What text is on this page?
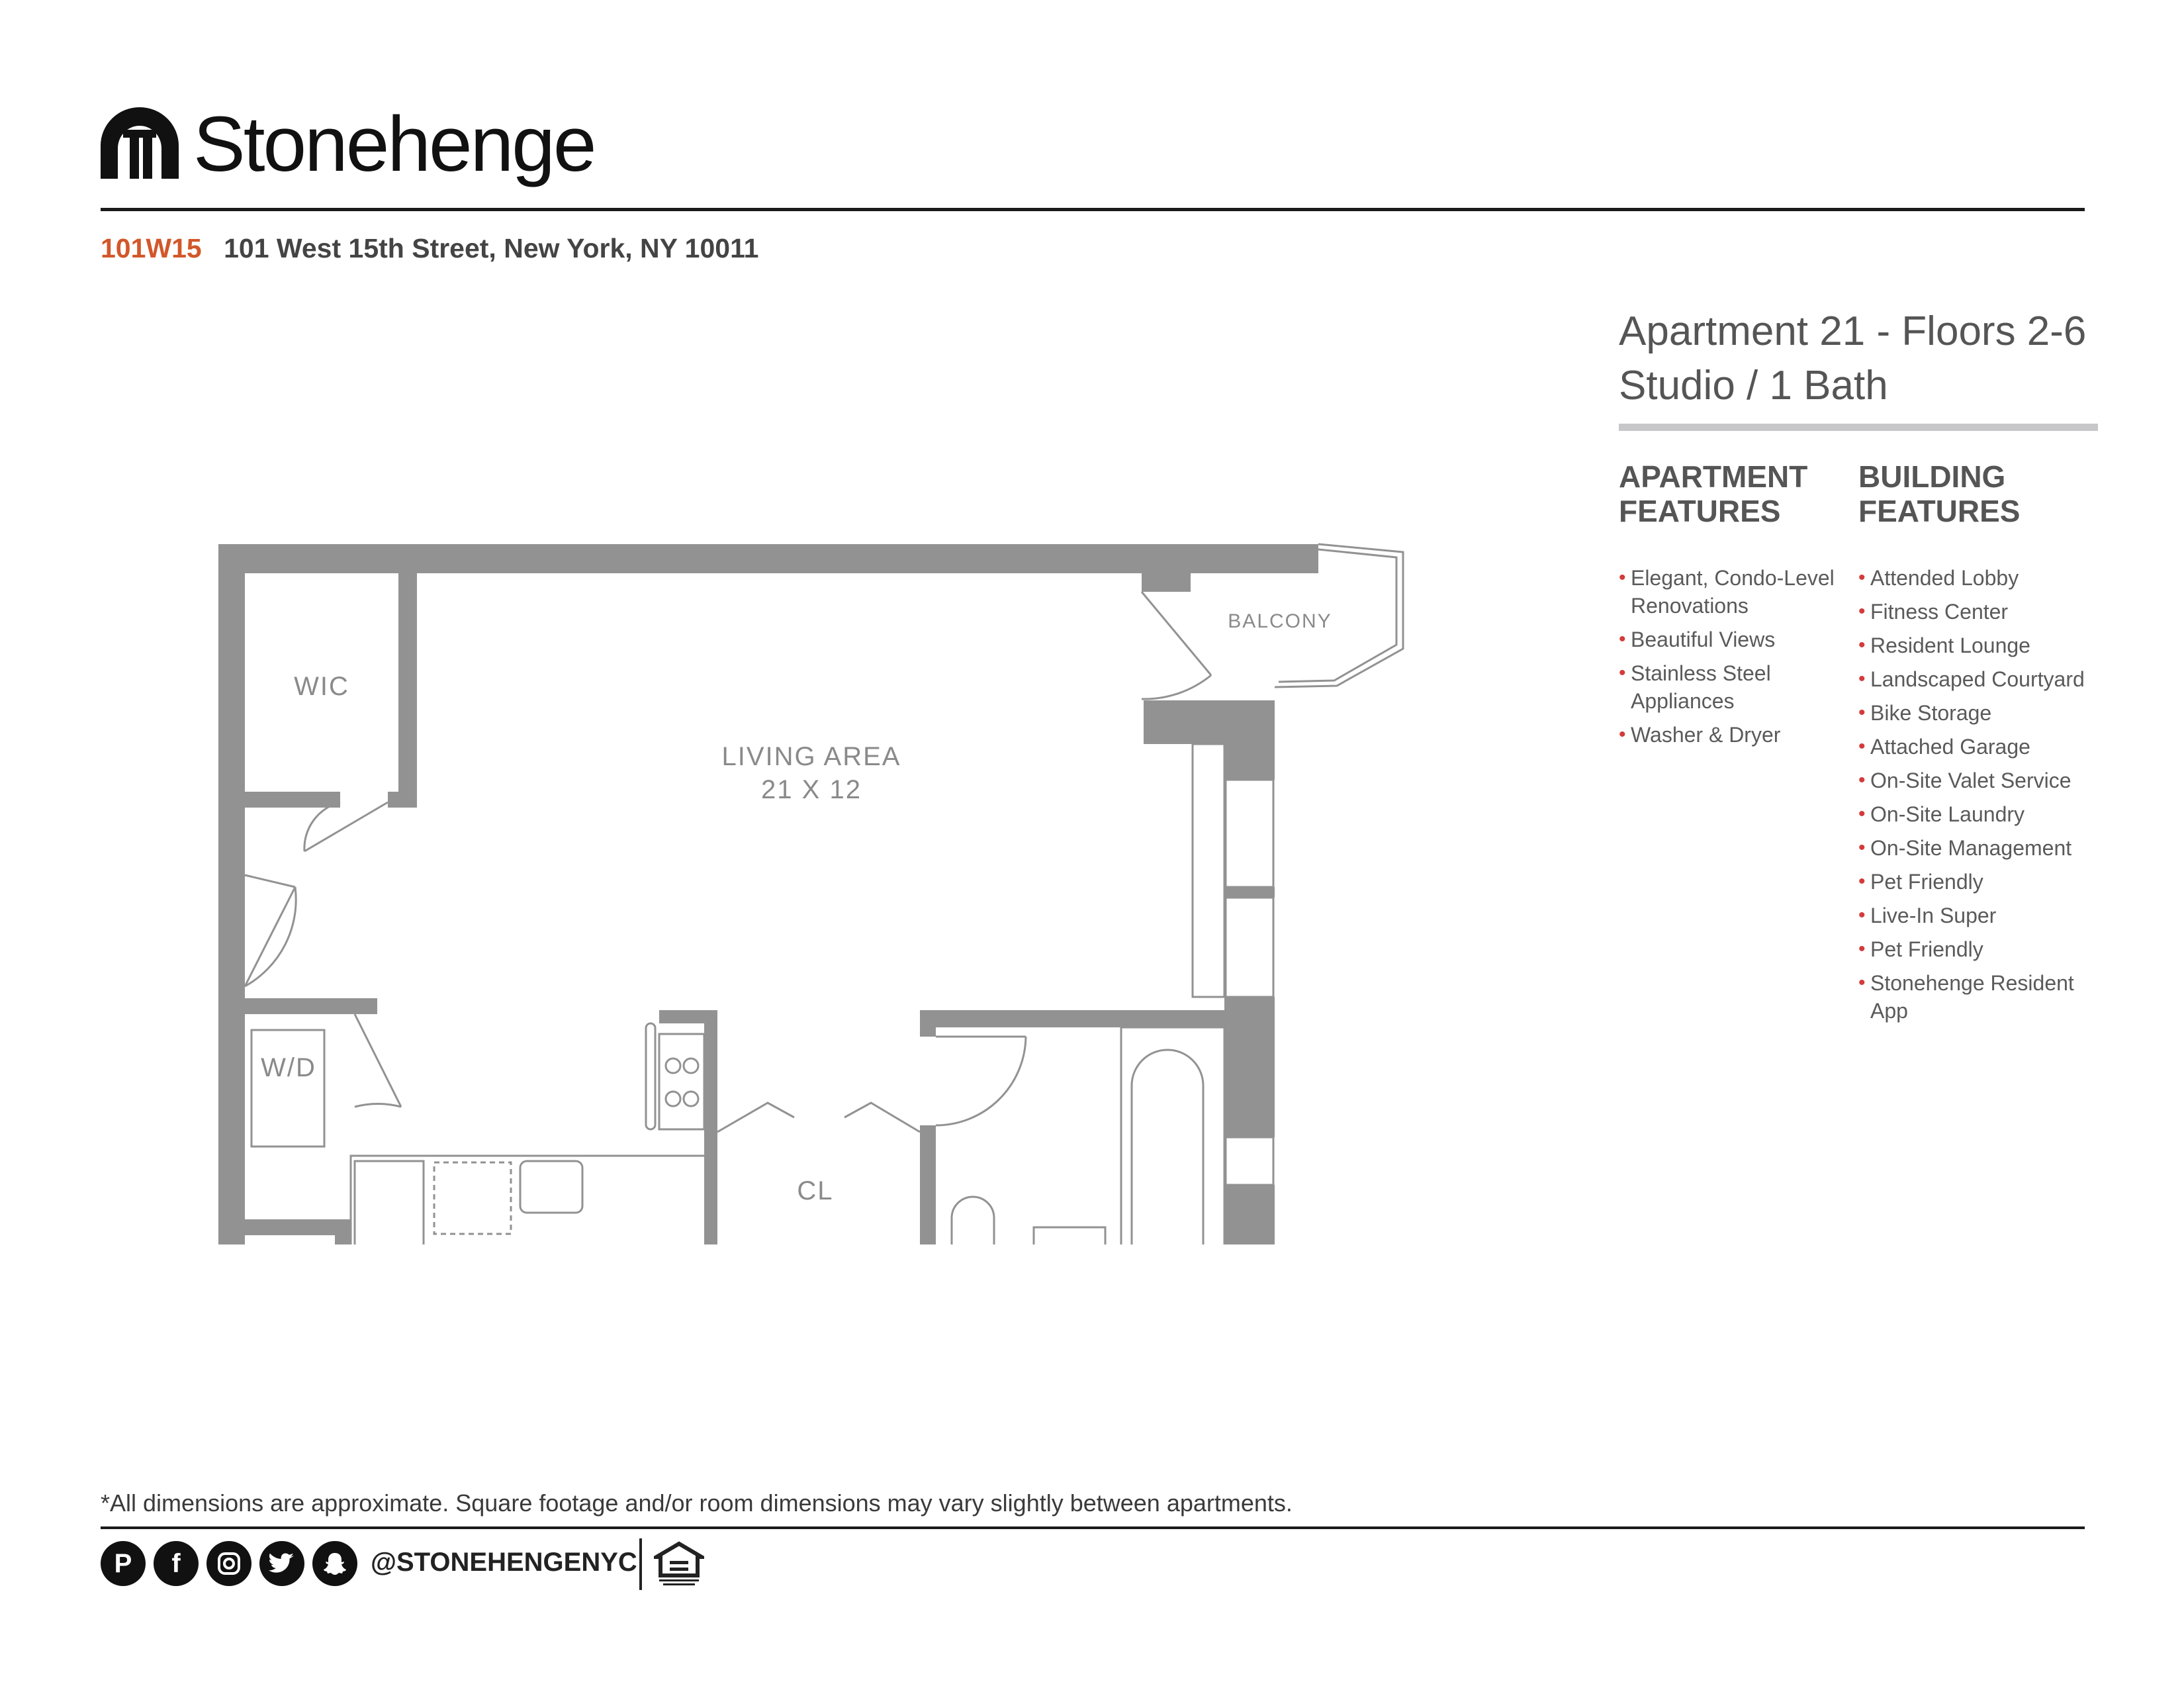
Stonehenge
101W15 101 West 15th Street, New York, NY 10011
Apartment 21 - Floors 2-6
Studio / 1 Bath
APARTMENT
FEATURES
BUILDING
FEATURES
• Elegant, Condo-Level Renovations
• Beautiful Views
• Stainless Steel Appliances
• Washer & Dryer
• Attended Lobby
• Fitness Center
• Resident Lounge
• Landscaped Courtyard
• Bike Storage
• Attached Garage
• On-Site Valet Service
• On-Site Laundry
• On-Site Management
• Pet Friendly
• Live-In Super
• Pet Friendly
• Stonehenge Resident App
WIC
LIVING AREA
21 X 12
BALCONY
W/D
CL
*All dimensions are approximate. Square footage and/or room dimensions may vary slightly between apartments.
P	f	@STONEHENGENYC
